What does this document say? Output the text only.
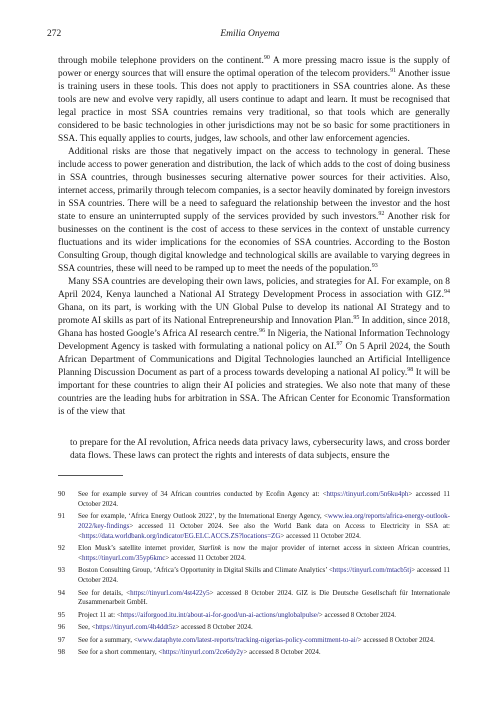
272	Emilia Onyema

through mobile telephone providers on the continent.$^{90}$ A more pressing macro issue is the supply of power or energy sources that will ensure the optimal operation of the telecom providers.$^{91}$ Another issue is training users in these tools. This does not apply to practitioners in SSA countries alone. As these tools are new and evolve very rapidly, all users continue to adapt and learn. It must be recognised that legal practice in most SSA countries remains very traditional, so that tools which are generally considered to be basic technologies in other jurisdictions may not be so basic for some practitioners in SSA. This equally applies to courts, judges, law schools, and other law enforcement agencies.

Additional risks are those that negatively impact on the access to technology in general. These include access to power generation and distribution, the lack of which adds to the cost of doing business in SSA countries, through businesses securing alternative power sources for their activities. Also, internet access, primarily through telecom companies, is a sector heavily dominated by foreign investors in SSA countries. There will be a need to safeguard the relationship between the investor and the host state to ensure an uninterrupted supply of the services provided by such investors.$^{92}$ Another risk for businesses on the continent is the cost of access to these services in the context of unstable currency fluctuations and its wider implications for the economies of SSA countries. According to the Boston Consulting Group, though digital knowledge and technological skills are available to varying degrees in SSA countries, these will need to be ramped up to meet the needs of the population.$^{93}$

Many SSA countries are developing their own laws, policies, and strategies for AI. For example, on 8 April 2024, Kenya launched a National AI Strategy Development Process in association with GIZ.$^{94}$ Ghana, on its part, is working with the UN Global Pulse to develop its national AI Strategy and to promote AI skills as part of its National Entrepreneurship and Innovation Plan.$^{95}$ In addition, since 2018, Ghana has hosted Google’s Africa AI research centre.$^{96}$ In Nigeria, the National Information Technology Development Agency is tasked with formulating a national policy on AI.$^{97}$ On 5 April 2024, the South African Department of Communications and Digital Technologies launched an Artificial Intelligence Planning Discussion Document as part of a process towards developing a national AI policy.$^{98}$ It will be important for these countries to align their AI policies and strategies. We also note that many of these countries are the leading hubs for arbitration in SSA. The African Center for Economic Transformation is of the view that

to prepare for the AI revolution, Africa needs data privacy laws, cybersecurity laws, and cross border data flows. These laws can protect the rights and interests of data subjects, ensure the
90 See for example survey of 34 African countries conducted by Ecofin Agency at: <https://tinyurl.com/5n6ku4ph> accessed 11 October 2024.
91 See for example, ‘Africa Energy Outlook 2022’, by the International Energy Agency, <www.iea.org/reports/africa-energy-outlook-2022/key-findings> accessed 11 October 2024. See also the World Bank data on Access to Electricity in SSA at: <https://data.worldbank.org/indicator/EG.ELC.ACCS.ZS?locations=ZG> accessed 11 October 2024.
92 Elon Musk’s satellite internet provider, Starlink is now the major provider of internet access in sixteen African countries, <https://tinyurl.com/35yp6kmc> accessed 11 October 2024.
93 Boston Consulting Group, ‘Africa’s Opportunity in Digital Skills and Climate Analytics’ <https://tinyurl.com/mtacb5tj> accessed 11 October 2024.
94 See for details, <https://tinyurl.com/4st422y5> accessed 8 October 2024. GIZ is Die Deutsche Gesellschaft für Internationale Zusammenarbeit GmbH.
95 Project 11 at: <https://aiforgood.itu.int/about-ai-for-good/un-ai-actions/unglobalpulse/> accessed 8 October 2024.
96 See, <https://tinyurl.com/4h4ddt5z> accessed 8 October 2024.
97 See for a summary, <www.dataphyte.com/latest-reports/tracking-nigerias-policy-commitment-to-ai/> accessed 8 October 2024.
98 See for a short commentary, <https://tinyurl.com/2ce6dy2y> accessed 8 October 2024.
